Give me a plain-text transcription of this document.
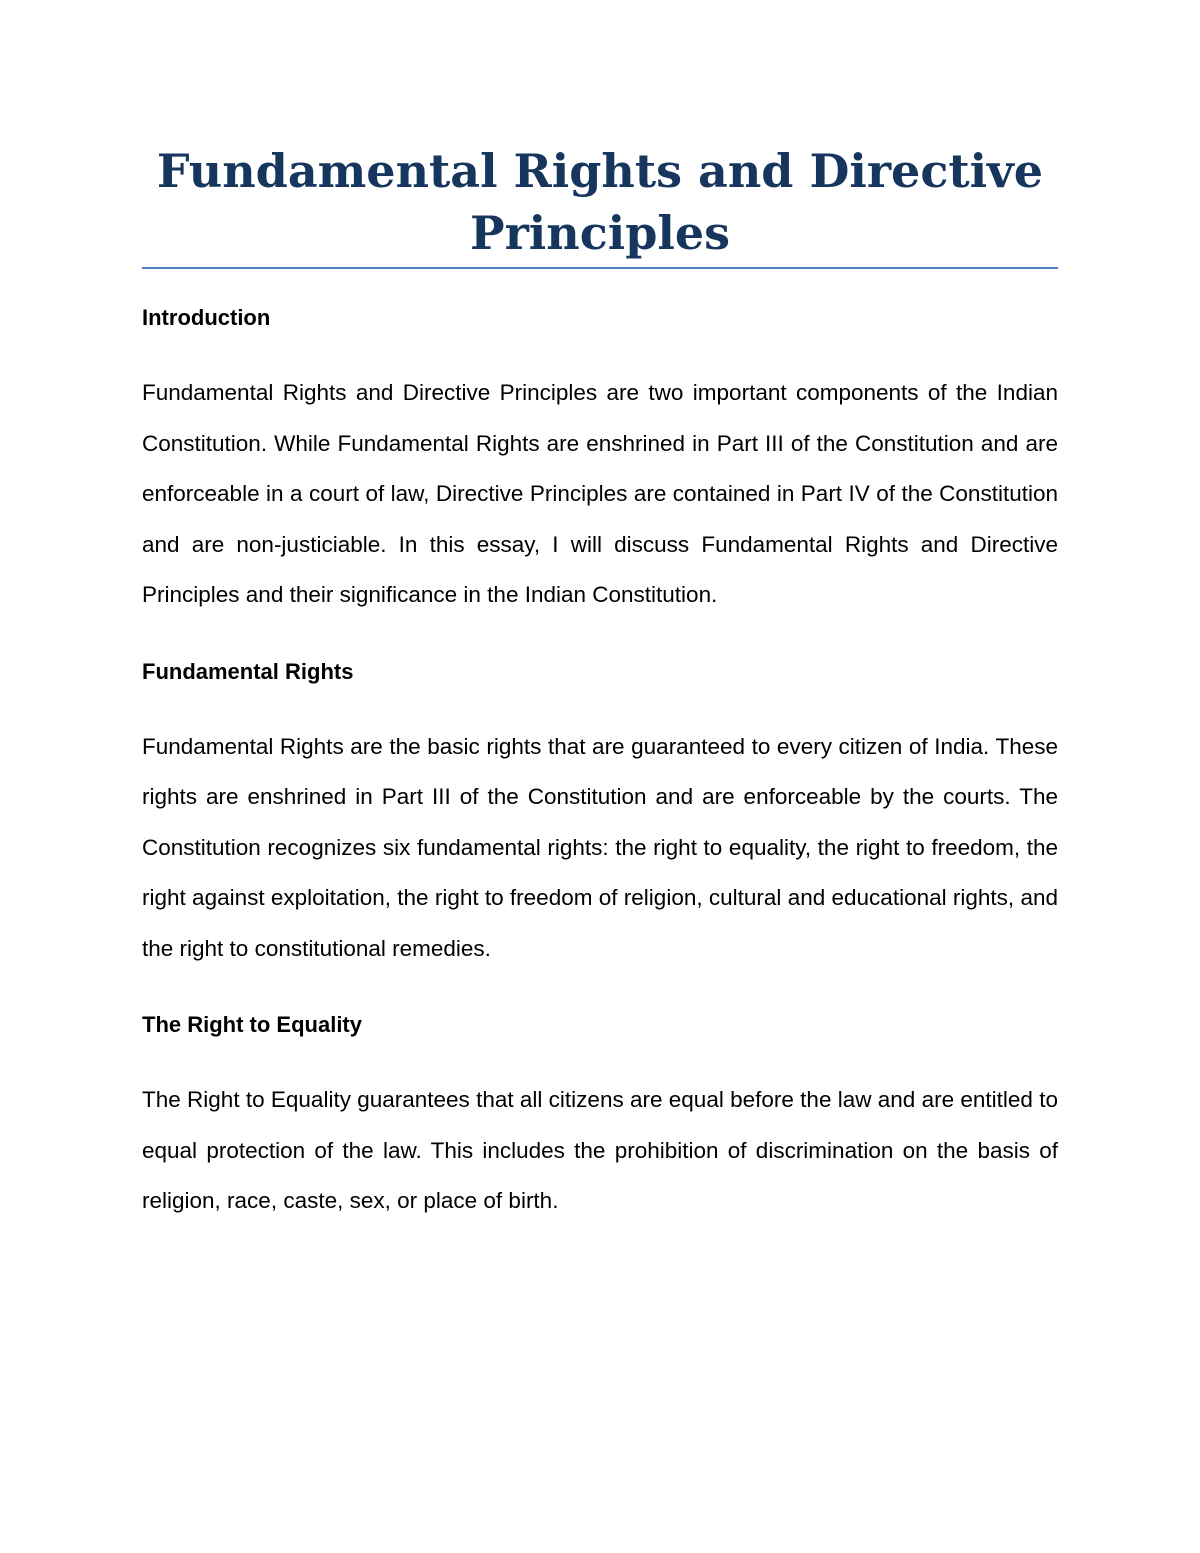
Fundamental Rights and Directive Principles
Introduction

Fundamental Rights and Directive Principles are two important components of the Indian Constitution. While Fundamental Rights are enshrined in Part III of the Constitution and are enforceable in a court of law, Directive Principles are contained in Part IV of the Constitution and are non-justiciable. In this essay, I will discuss Fundamental Rights and Directive Principles and their significance in the Indian Constitution.

Fundamental Rights

Fundamental Rights are the basic rights that are guaranteed to every citizen of India. These rights are enshrined in Part III of the Constitution and are enforceable by the courts. The Constitution recognizes six fundamental rights: the right to equality, the right to freedom, the right against exploitation, the right to freedom of religion, cultural and educational rights, and the right to constitutional remedies.

The Right to Equality

The Right to Equality guarantees that all citizens are equal before the law and are entitled to equal protection of the law. This includes the prohibition of discrimination on the basis of religion, race, caste, sex, or place of birth.
